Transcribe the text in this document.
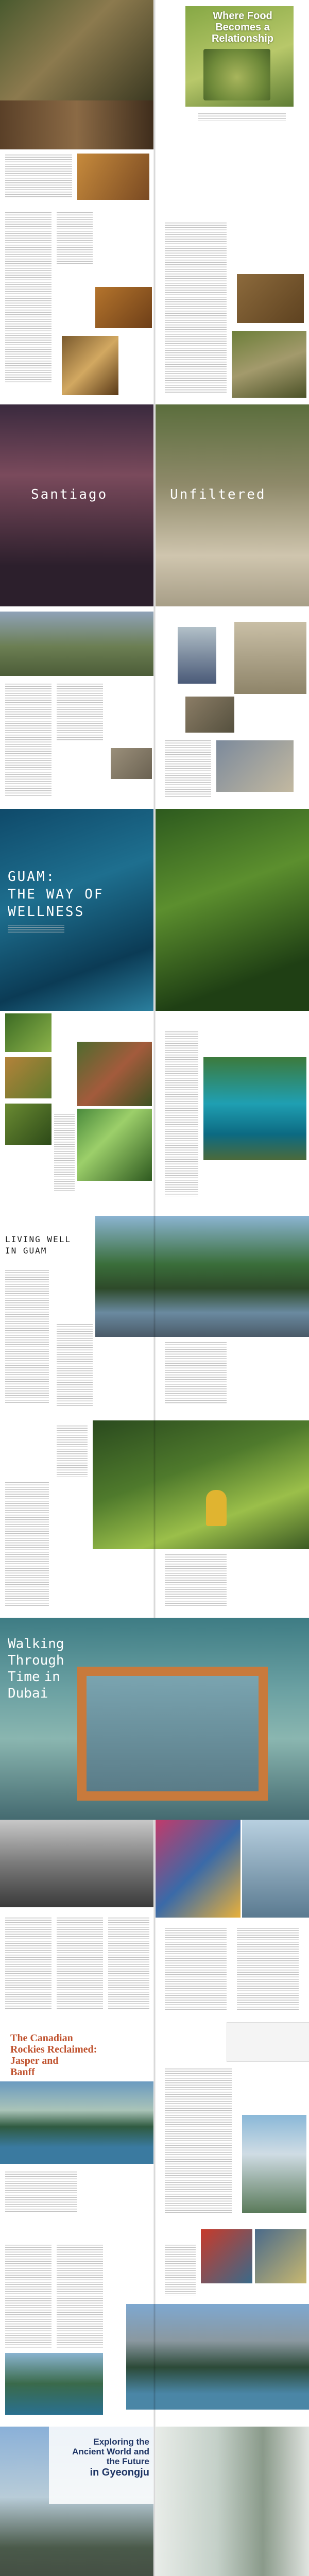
Where Food
Becomes a
Relationship
Santiago	Unfiltered
GUAM:
THE WAY OF
WELLNESS
LIVING WELL
IN GUAM
Walking
Through
Time in
Dubai
The Canadian
Rockies Reclaimed:
Jasper and
Banff
Exploring the
Ancient World and
the Future
in Gyeongju
